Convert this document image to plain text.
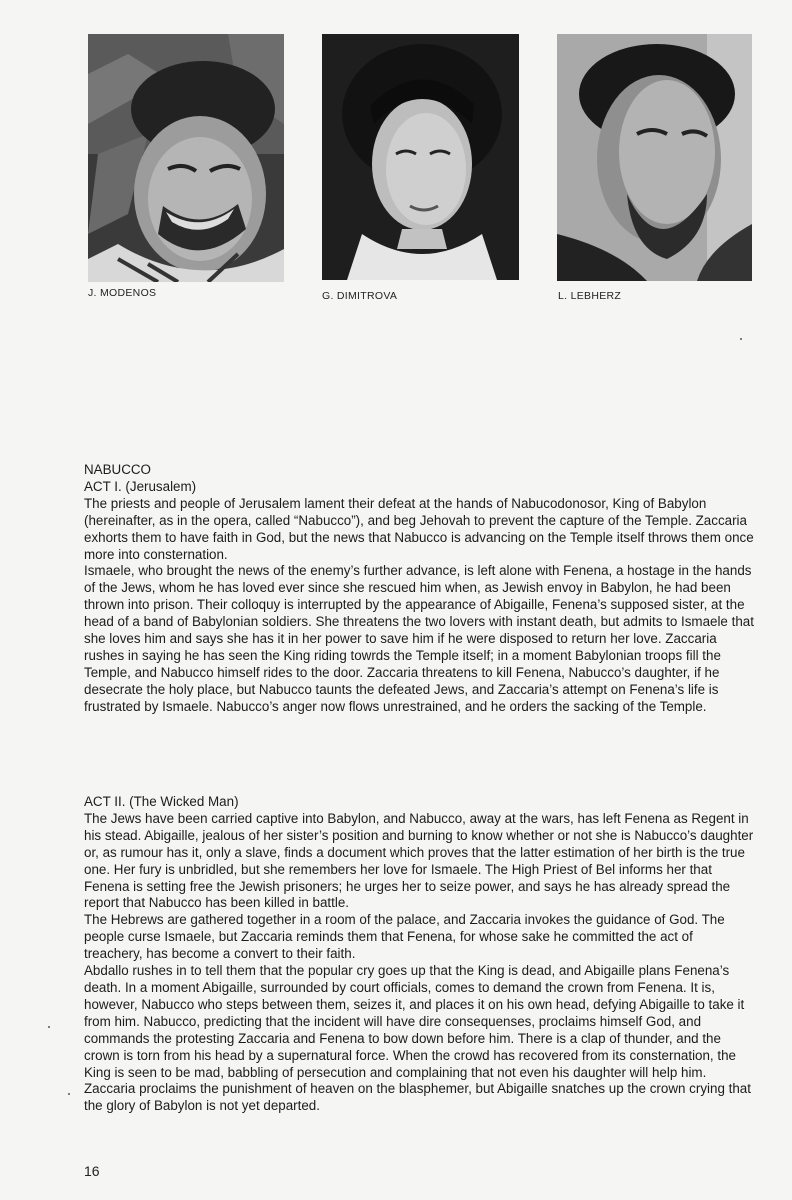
J. MODENOS	G. DIMITROVA	L. LEBHERZ

NABUCCO

ACT I. (Jerusalem)

The priests and people of Jerusalem lament their defeat at the hands of Nabucodonosor, King of Babylon (hereinafter, as in the opera, called “Nabucco”), and beg Jehovah to prevent the capture of the Temple. Zaccaria exhorts them to have faith in God, but the news that Nabucco is advancing on the Temple itself throws them once more into consternation.

Ismaele, who brought the news of the enemy’s further advance, is left alone with Fenena, a hostage in the hands of the Jews, whom he has loved ever since she rescued him when, as Jewish envoy in Babylon, he had been thrown into prison. Their colloquy is interrupted by the appearance of Abigaille, Fenena’s supposed sister, at the head of a band of Babylonian soldiers. She threatens the two lovers with instant death, but admits to Ismaele that she loves him and says she has it in her power to save him if he were disposed to return her love. Zaccaria rushes in saying he has seen the King riding towrds the Temple itself; in a moment Babylonian troops fill the Temple, and Nabucco himself rides to the door. Zaccaria threatens to kill Fenena, Nabucco’s daughter, if he desecrate the holy place, but Nabucco taunts the defeated Jews, and Zaccaria’s attempt on Fenena’s life is frustrated by Ismaele. Nabucco’s anger now flows unrestrained, and he orders the sacking of the Temple.

ACT II. (The Wicked Man)

The Jews have been carried captive into Babylon, and Nabucco, away at the wars, has left Fenena as Regent in his stead. Abigaille, jealous of her sister’s position and burning to know whether or not she is Nabucco’s daughter or, as rumour has it, only a slave, finds a document which proves that the latter estimation of her birth is the true one. Her fury is unbridled, but she remembers her love for Ismaele. The High Priest of Bel informs her that Fenena is setting free the Jewish prisoners; he urges her to seize power, and says he has already spread the report that Nabucco has been killed in battle.

The Hebrews are gathered together in a room of the palace, and Zaccaria invokes the guidance of God. The people curse Ismaele, but Zaccaria reminds them that Fenena, for whose sake he committed the act of treachery, has become a convert to their faith.

Abdallo rushes in to tell them that the popular cry goes up that the King is dead, and Abigaille plans Fenena’s death. In a moment Abigaille, surrounded by court officials, comes to demand the crown from Fenena. It is, however, Nabucco who steps between them, seizes it, and places it on his own head, defying Abigaille to take it from him. Nabucco, predicting that the incident will have dire consequenses, proclaims himself God, and commands the protesting Zaccaria and Fenena to bow down before him. There is a clap of thunder, and the crown is torn from his head by a supernatural force. When the crowd has recovered from its consternation, the King is seen to be mad, babbling of persecution and complaining that not even his daughter will help him. Zaccaria proclaims the punishment of heaven on the blasphemer, but Abigaille snatches up the crown crying that the glory of Babylon is not yet departed.

16
